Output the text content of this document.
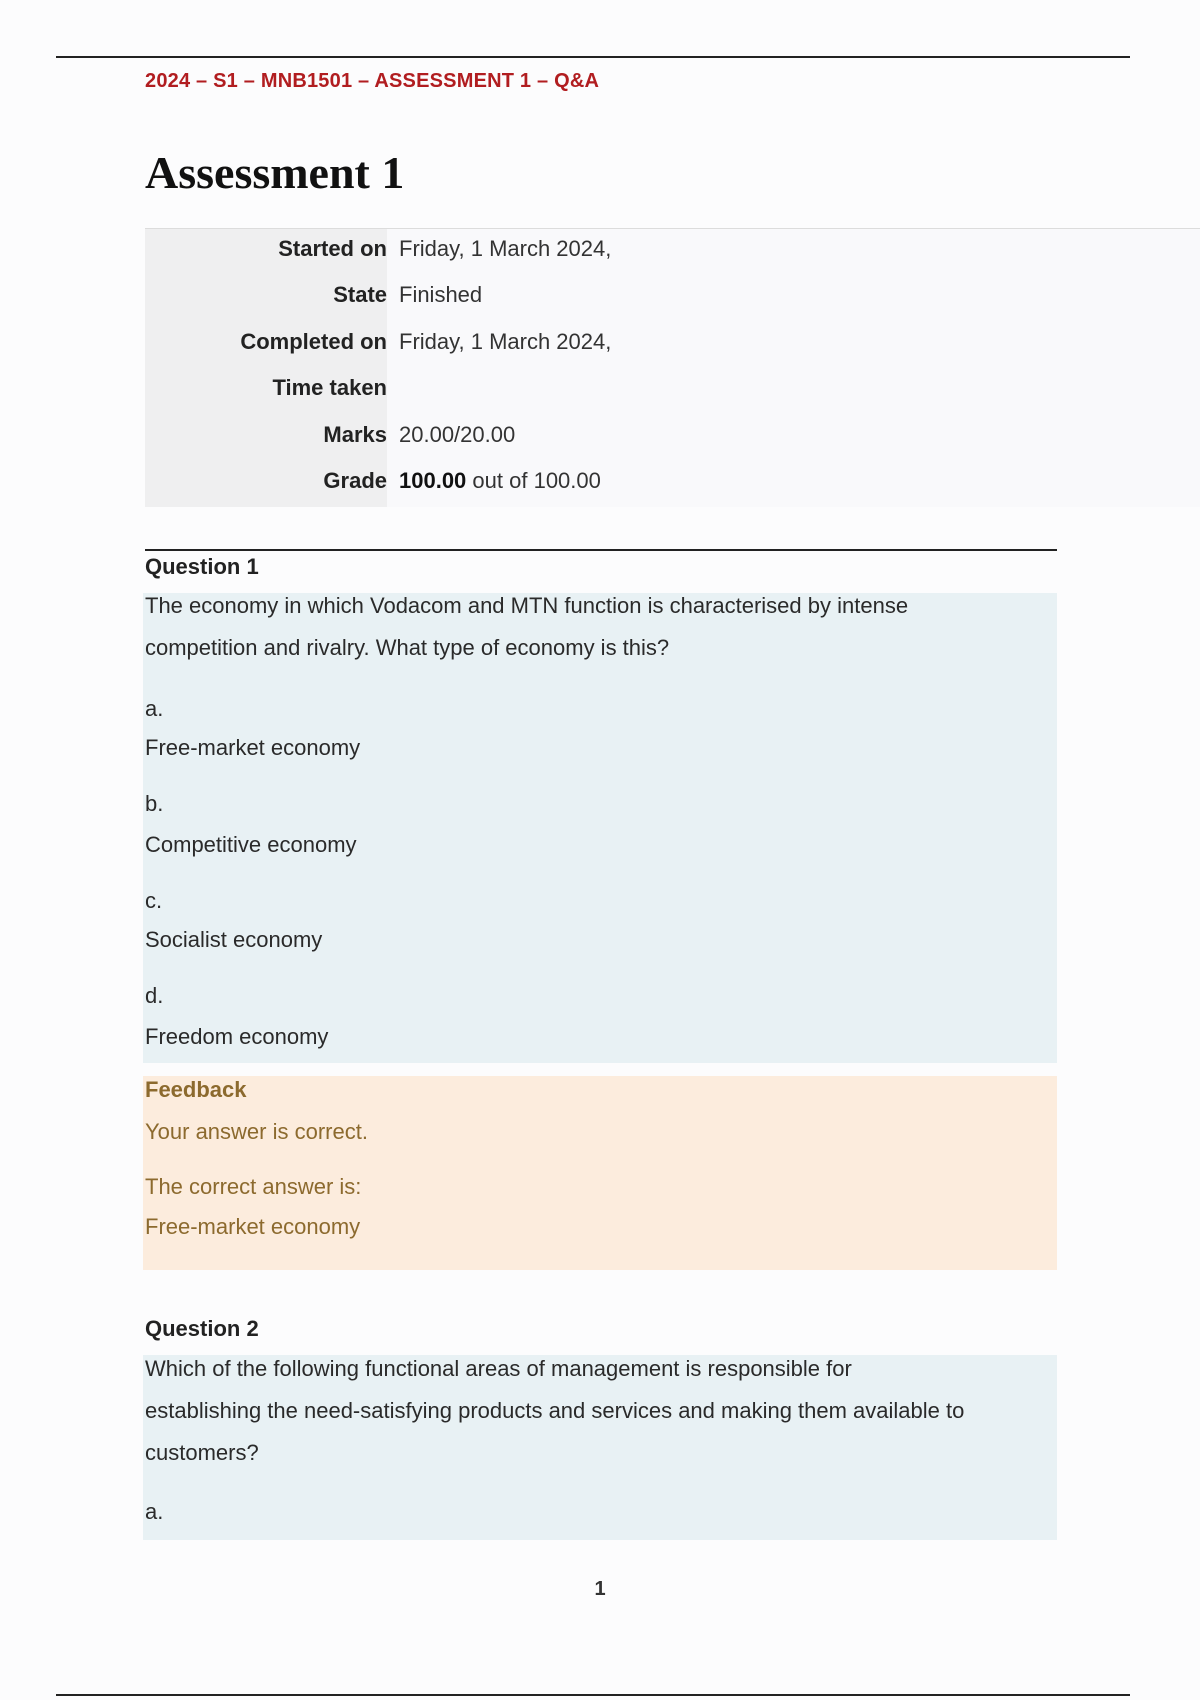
2024 – S1 – MNB1501 – ASSESSMENT 1 – Q&A
Assessment 1
Started on Friday, 1 March 2024,
State Finished
Completed on Friday, 1 March 2024,
Time taken
Marks 20.00/20.00
Grade 100.00 out of 100.00
Question 1
The economy in which Vodacom and MTN function is characterised by intense
competition and rivalry. What type of economy is this?
a.
Free-market economy
b.
Competitive economy
c.
Socialist economy
d.
Freedom economy
Feedback
Your answer is correct.
The correct answer is:
Free-market economy
Question 2
Which of the following functional areas of management is responsible for
establishing the need-satisfying products and services and making them available to
customers?
a.
1
